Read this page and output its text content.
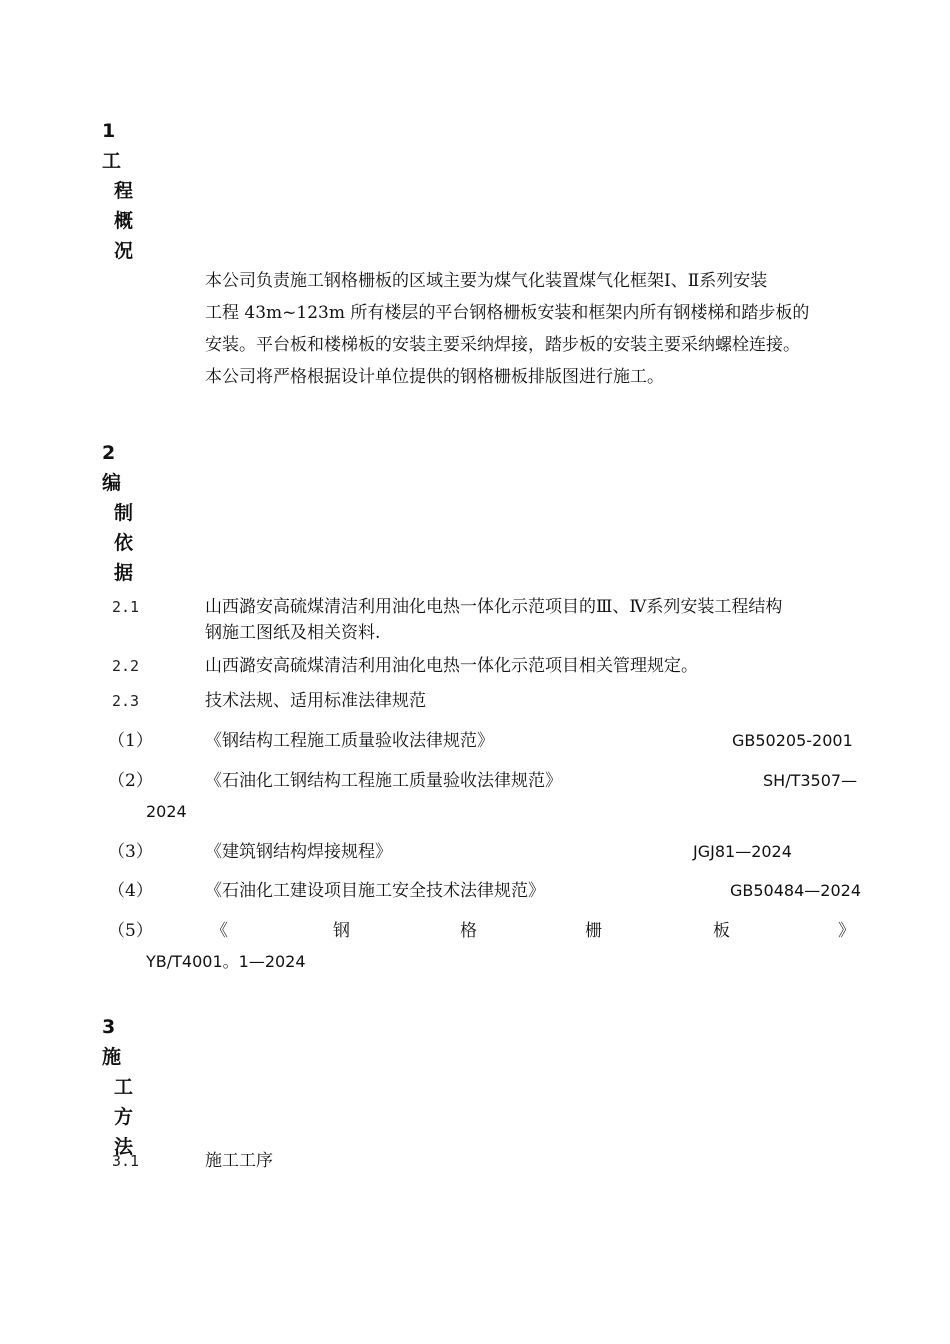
1
工
程
概
况
本公司负责施工钢格栅板的区域主要为煤气化装置煤气化框架Ⅰ、Ⅱ系列安装
工程 43m~123m 所有楼层的平台钢格栅板安装和框架内所有钢楼梯和踏步板的
安装。平台板和楼梯板的安装主要采纳焊接，踏步板的安装主要采纳螺栓连接。
本公司将严格根据设计单位提供的钢格栅板排版图进行施工。
2
编
制
依
据
2.1	山西潞安高硫煤清洁利用油化电热一体化示范项目的Ⅲ、Ⅳ系列安装工程结构
钢施工图纸及相关资料.
2.2	山西潞安高硫煤清洁利用油化电热一体化示范项目相关管理规定。
2.3	技术法规、适用标准法律规范
（1）	《钢结构工程施工质量验收法律规范》	GB50205-2001
（2）	《石油化工钢结构工程施工质量验收法律规范》	SH/T3507—
2024
（3）	《建筑钢结构焊接规程》	JGJ81—2024
（4）	《石油化工建设项目施工安全技术法律规范》	GB50484—2024
（5）	《	钢	格	栅	板	》
YB/T4001。1—2024
3
施
工
方
法
3.1	施工工序
